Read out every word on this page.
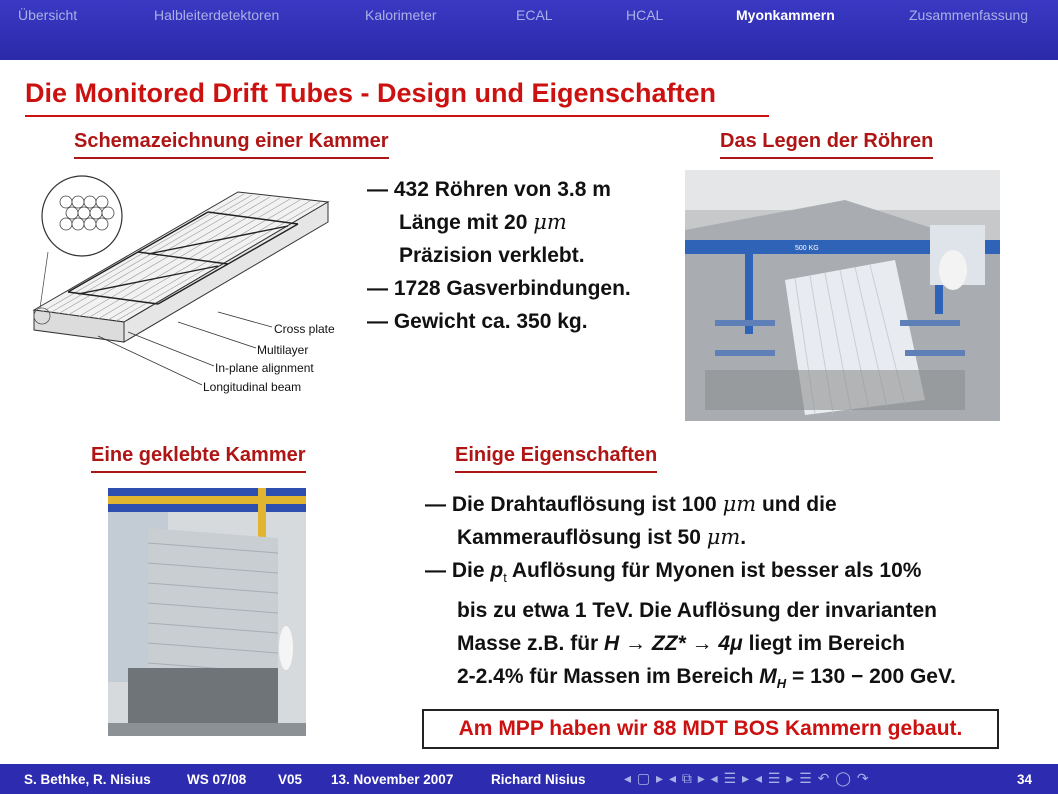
Übersicht	Halbleiterdetektoren	Kalorimeter	ECAL	HCAL	Myonkammern	Zusammenfassung
Die Monitored Drift Tubes - Design und Eigenschaften
Schemazeichnung einer Kammer	Das Legen der Röhren
Eine geklebte Kammer	Einige Eigenschaften
Cross plate
Multilayer
In-plane alignment
Longitudinal beam
— 432 Röhren von 3.8 m
Länge mit 20 μm
Präzision verklebt.
— 1728 Gasverbindungen.
— Gewicht ca. 350 kg.
500 KG
— Die Drahtauflösung ist 100 μm und die
Kammerauflösung ist 50 μm.
— Die $p_t$ Auflösung für Myonen ist besser als 10%
bis zu etwa 1 TeV. Die Auflösung der invarianten
Masse z.B. für H → ZZ* → 4μ liegt im Bereich
2-2.4% für Massen im Bereich $M_H = 130 - 200$ GeV.
Am MPP haben wir 88 MDT BOS Kammern gebaut.
S. Bethke, R. Nisius	WS 07/08 V05 13. November 2007	Richard Nisius	◂ ▢ ▸ ◂ ⧉ ▸ ◂ ☰ ▸ ◂ ☰ ▸ ☰ ↶ ◯ ↷	34
